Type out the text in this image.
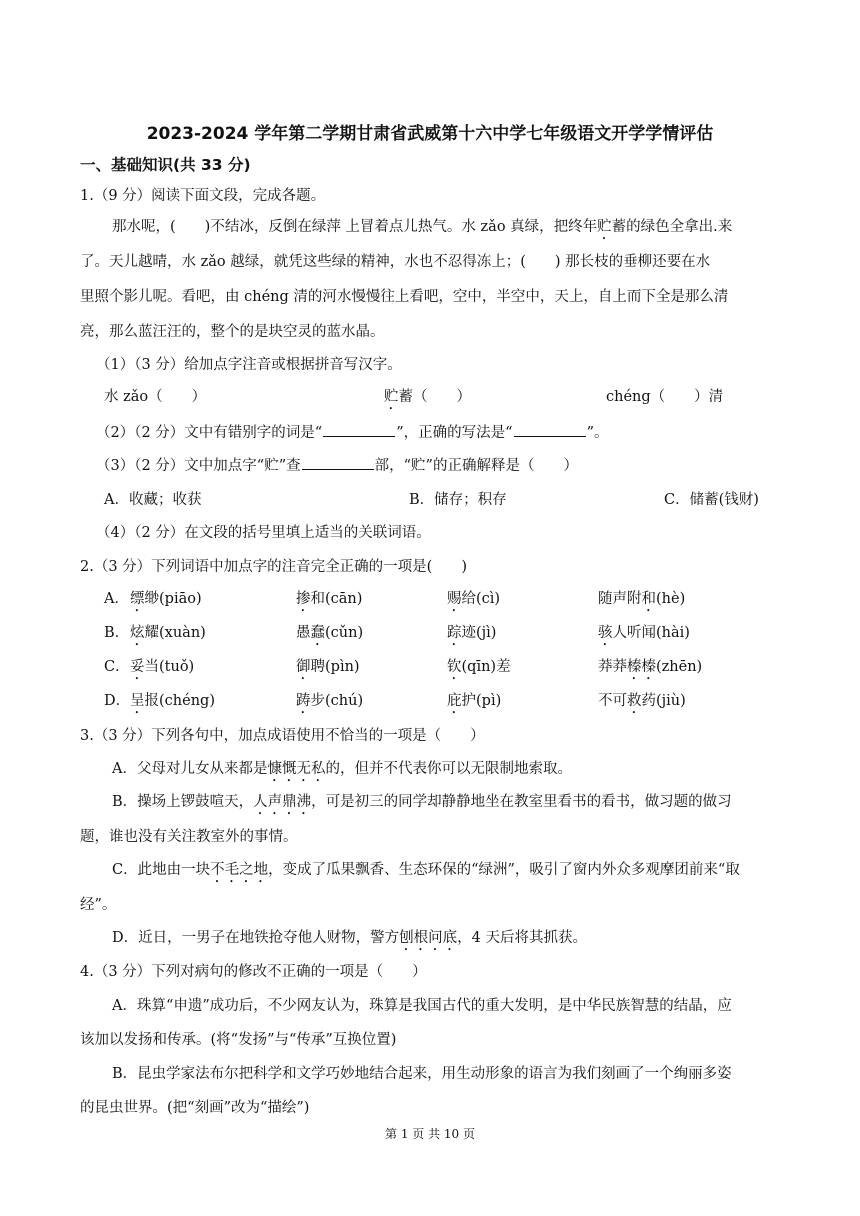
2023-2024 学年第二学期甘肃省武威第十六中学七年级语文开学学情评估
一、基础知识(共 33 分)
1.（9 分）阅读下面文段，完成各题。
那水呢，(　　)不结冰，反倒在绿萍 上冒着点儿热气。水 zǎo 真绿，把终年贮蓄的绿色全拿出.来
了。天儿越晴，水 zǎo 越绿，就凭这些绿的精神，水也不忍得冻上；(　　) 那长枝的垂柳还要在水
里照个影儿呢。看吧，由 chéng 清的河水慢慢往上看吧，空中，半空中，天上，自上而下全是那么清
亮，那么蓝汪汪的，整个的是块空灵的蓝水晶。
（1）（3 分）给加点字注音或根据拼音写汉字。
水 zǎo（　　）	贮蓄（　　）	chéng（　　）清
（2）（2 分）文中有错别字的词是“	”，正确的写法是“	”。
（3）（2 分）文中加点字“贮”查	部，“贮”的正确解释是（　　）
A．收藏；收获	B．储存；积存	C．储蓄(钱财)
（4）（2 分）在文段的括号里填上适当的关联词语。
2.（3 分）下列词语中加点字的注音完全正确的一项是(　　)
A． 缥缈(piāo)	掺和(cān)	赐给(cì)	随声附和(hè)
B． 炫耀(xuàn)	愚蠢(cǔn)	踪迹(jì)	骇人听闻(hài)
C． 妥当(tuǒ)	御聘(pìn)	钦(qīn)差	莽莽榛榛(zhēn)
D． 呈报(chéng)	踌步(chú)	庇护(pì)	不可救药(jiù)
3.（3 分）下列各句中，加点成语使用不恰当的一项是（　　）
A．父母对儿女从来都是慷慨无私的，但并不代表你可以无限制地索取。
B．操场上锣鼓喧天，人声鼎沸，可是初三的同学却静静地坐在教室里看书的看书，做习题的做习
题，谁也没有关注教室外的事情。
C．此地由一块不毛之地，变成了瓜果飘香、生态环保的“绿洲”，吸引了窗内外众多观摩团前来“取
经”。
D．近日，一男子在地铁抢夺他人财物，警方刨根问底，4 天后将其抓获。
4.（3 分）下列对病句的修改不正确的一项是（　　）
A．珠算“申遗”成功后，不少网友认为，珠算是我国古代的重大发明，是中华民族智慧的结晶，应
该加以发扬和传承。(将“发扬”与“传承”互换位置)
B．昆虫学家法布尔把科学和文学巧妙地结合起来，用生动形象的语言为我们刻画了一个绚丽多姿
的昆虫世界。(把“刻画”改为“描绘”)
第 1 页 共 10 页
